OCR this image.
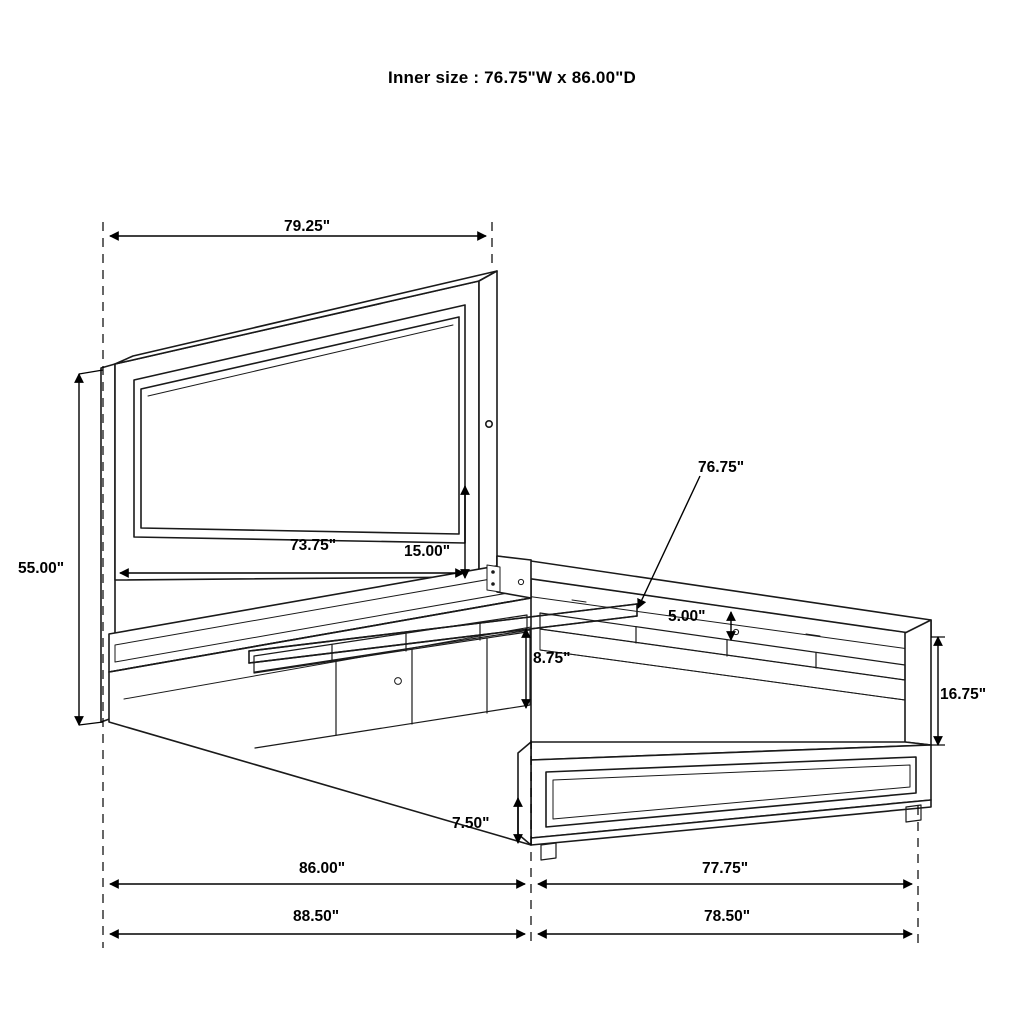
Inner size : 76.75"W x 86.00"D
79.25"
55.00"
73.75"	15.00"
76.75"
5.00"
16.75"
8.75"
7.50"
86.00"	77.75"
88.50"	78.50"
